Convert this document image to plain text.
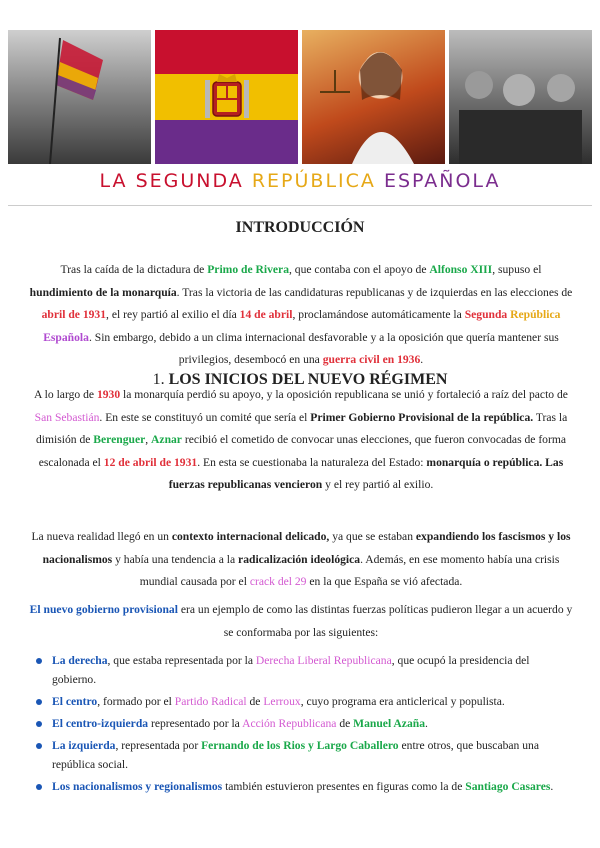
LA SEGUNDA REPÚBLICA ESPAÑOLA
INTRODUCCIÓN

Tras la caída de la dictadura de Primo de Rivera, que contaba con el apoyo de Alfonso XIII, supuso el hundimiento de la monarquía. Tras la victoria de las candidaturas republicanas y de izquierdas en las elecciones de abril de 1931, el rey partió al exilio el día 14 de abril, proclamándose automáticamente la Segunda República Española. Sin embargo, debido a un clima internacional desfavorable y a la oposición que quería mantener sus privilegios, desembocó en una guerra civil en 1936.

1. LOS INICIOS DEL NUEVO RÉGIMEN

A lo largo de 1930 la monarquía perdió su apoyo, y la oposición republicana se unió y fortaleció a raíz del pacto de San Sebastián. En este se constituyó un comité que sería el Primer Gobierno Provisional de la república. Tras la dimisión de Berenguer, Aznar recibió el cometido de convocar unas elecciones, que fueron convocadas de forma escalonada el 12 de abril de 1931. En esta se cuestionaba la naturaleza del Estado: monarquía o república. Las fuerzas republicanas vencieron y el rey partió al exilio.

La nueva realidad llegó en un contexto internacional delicado, ya que se estaban expandiendo los fascismos y los nacionalismos y había una tendencia a la radicalización ideológica. Además, en ese momento había una crisis mundial causada por el crack del 29 en la que España se vió afectada.

El nuevo gobierno provisional era un ejemplo de como las distintas fuerzas políticas pudieron llegar a un acuerdo y se conformaba por las siguientes:

La derecha, que estaba representada por la Derecha Liberal Republicana, que ocupó la presidencia del gobierno.
El centro, formado por el Partido Radical de Lerroux, cuyo programa era anticlerical y populista.
El centro-izquierda representado por la Acción Republicana de Manuel Azaña.
La izquierda, representada por Fernando de los Rios y Largo Caballero entre otros, que buscaban una república social.
Los nacionalismos y regionalismos también estuvieron presentes en figuras como la de Santiago Casares.
